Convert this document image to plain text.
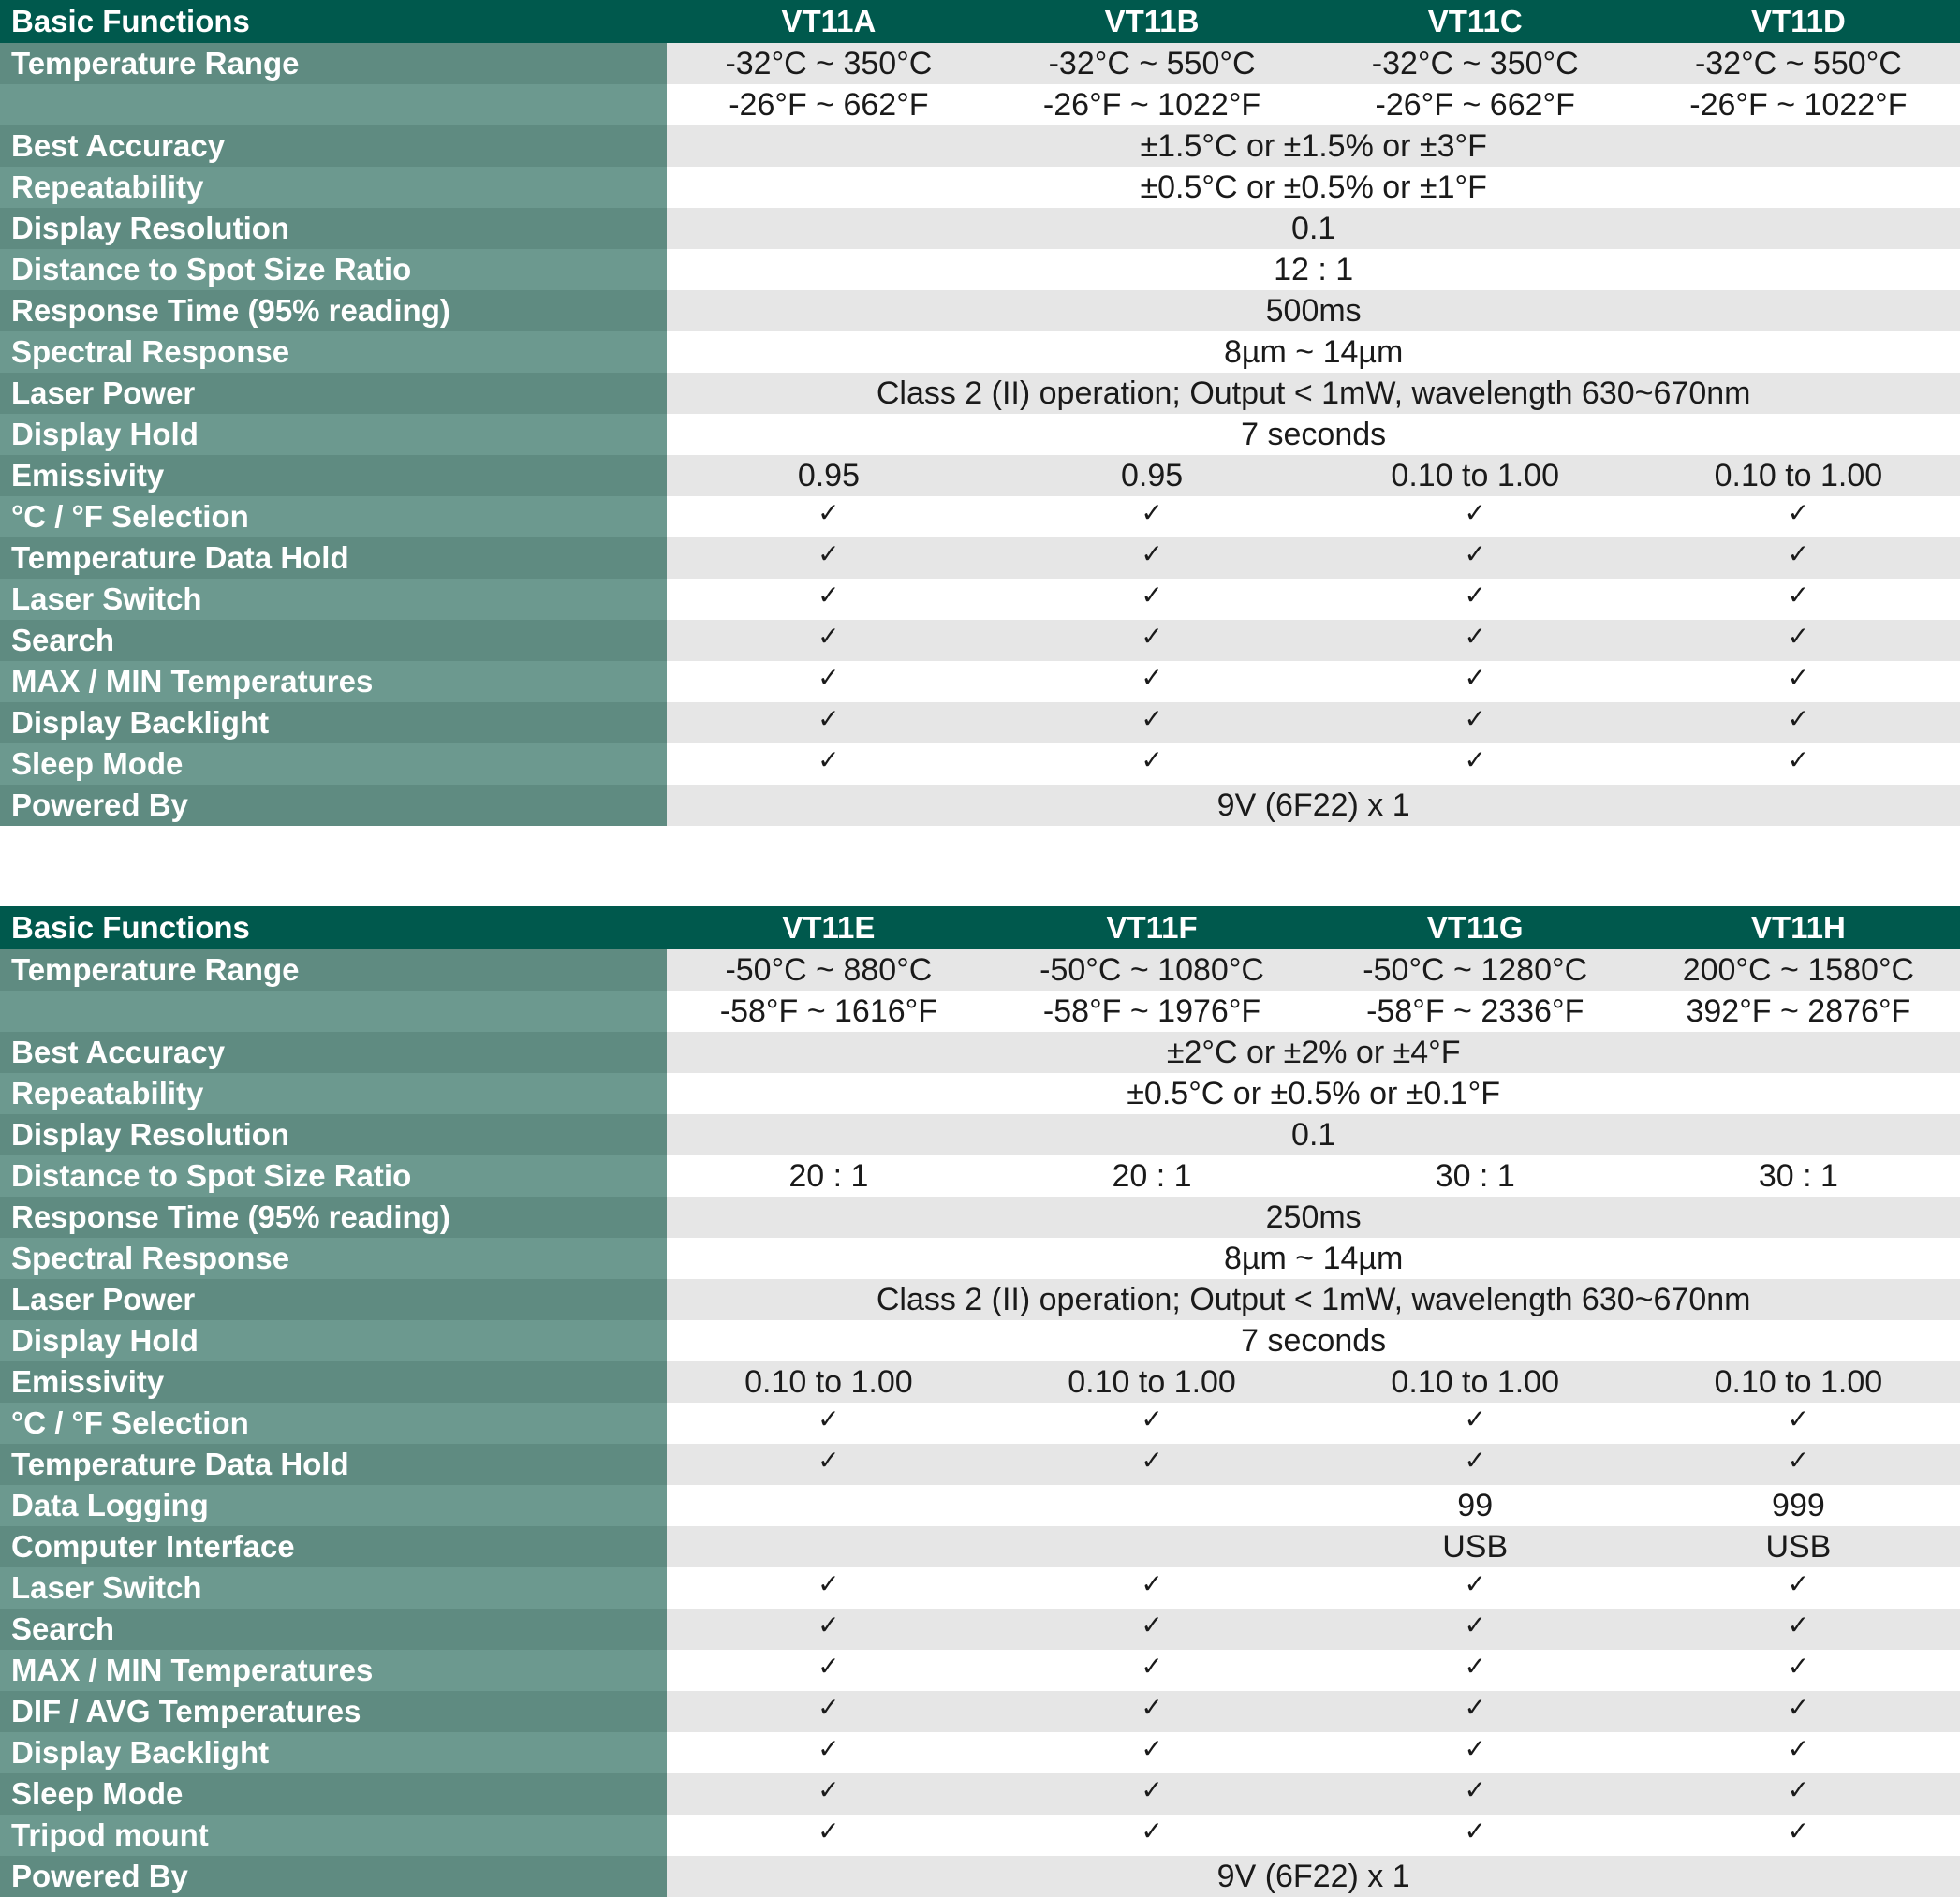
Basic Functions	VT11A	VT11B	VT11C	VT11D
Temperature Range	-32°C ~ 350°C	-32°C ~ 550°C	-32°C ~ 350°C	-32°C ~ 550°C
	-26°F ~ 662°F	-26°F ~ 1022°F	-26°F ~ 662°F	-26°F ~ 1022°F
Best Accuracy	±1.5°C or ±1.5% or ±3°F			
Repeatability	±0.5°C or ±0.5% or ±1°F			
Display Resolution	0.1			
Distance to Spot Size Ratio	12 : 1			
Response Time (95% reading)	500ms			
Spectral Response	8µm ~ 14µm			
Laser Power	Class 2 (II) operation; Output < 1mW, wavelength 630~670nm			
Display Hold	7 seconds			
Emissivity	0.95	0.95	0.10 to 1.00	0.10 to 1.00
°C / °F Selection	✓	✓	✓	✓
Temperature Data Hold	✓	✓	✓	✓
Laser Switch	✓	✓	✓	✓
Search	✓	✓	✓	✓
MAX / MIN Temperatures	✓	✓	✓	✓
Display Backlight	✓	✓	✓	✓
Sleep Mode	✓	✓	✓	✓
Powered By	9V (6F22) x 1			
Basic Functions	VT11E	VT11F	VT11G	VT11H
Temperature Range	-50°C ~ 880°C	-50°C ~ 1080°C	-50°C ~ 1280°C	200°C ~ 1580°C
	-58°F ~ 1616°F	-58°F ~ 1976°F	-58°F ~ 2336°F	392°F ~ 2876°F
Best Accuracy	±2°C or ±2% or ±4°F			
Repeatability	±0.5°C or ±0.5% or ±0.1°F			
Display Resolution	0.1			
Distance to Spot Size Ratio	20 : 1	20 : 1	30 : 1	30 : 1
Response Time (95% reading)	250ms			
Spectral Response	8µm ~ 14µm			
Laser Power	Class 2 (II) operation; Output < 1mW, wavelength 630~670nm			
Display Hold	7 seconds			
Emissivity	0.10 to 1.00	0.10 to 1.00	0.10 to 1.00	0.10 to 1.00
°C / °F Selection	✓	✓	✓	✓
Temperature Data Hold	✓	✓	✓	✓
Data Logging			99	999
Computer Interface			USB	USB
Laser Switch	✓	✓	✓	✓
Search	✓	✓	✓	✓
MAX / MIN Temperatures	✓	✓	✓	✓
DIF / AVG Temperatures	✓	✓	✓	✓
Display Backlight	✓	✓	✓	✓
Sleep Mode	✓	✓	✓	✓
Tripod mount	✓	✓	✓	✓
Powered By	9V (6F22) x 1			
